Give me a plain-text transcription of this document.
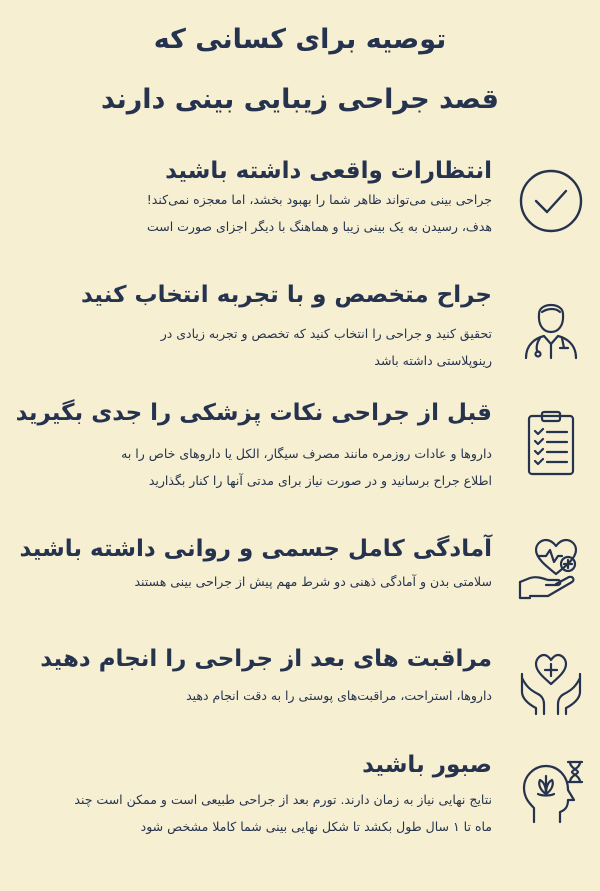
توصیه برای کسانی که
قصد جراحی زیبایی بینی دارند
انتظارات واقعی داشته باشید

جراحی بینی می‌تواند ظاهر شما را بهبود بخشد، اما معجزه نمی‌کند!
هدف، رسیدن به یک بینی زیبا و هماهنگ با دیگر اجزای صورت است

جراح متخصص و با تجربه انتخاب کنید

تحقیق کنید و جراحی را انتخاب کنید که تخصص و تجربه زیادی در
رینوپلاستی داشته باشد

قبل از جراحی نکات پزشکی را جدی بگیرید

داروها و عادات روزمره مانند مصرف سیگار، الکل یا داروهای خاص را به
اطلاع جراح برسانید و در صورت نیاز برای مدتی آنها را کنار بگذارید

آمادگی کامل جسمی و روانی داشته باشید

سلامتی بدن و آمادگی ذهنی دو شرط مهم پیش از جراحی بینی هستند

مراقبت های بعد از جراحی را انجام دهید

داروها، استراحت، مراقبت‌های پوستی را به دقت انجام دهید

صبور باشید

نتایج نهایی نیاز به زمان دارند. تورم بعد از جراحی طبیعی است و ممکن است چند
ماه تا ۱ سال طول بکشد تا شکل نهایی بینی شما کاملا مشخص شود
